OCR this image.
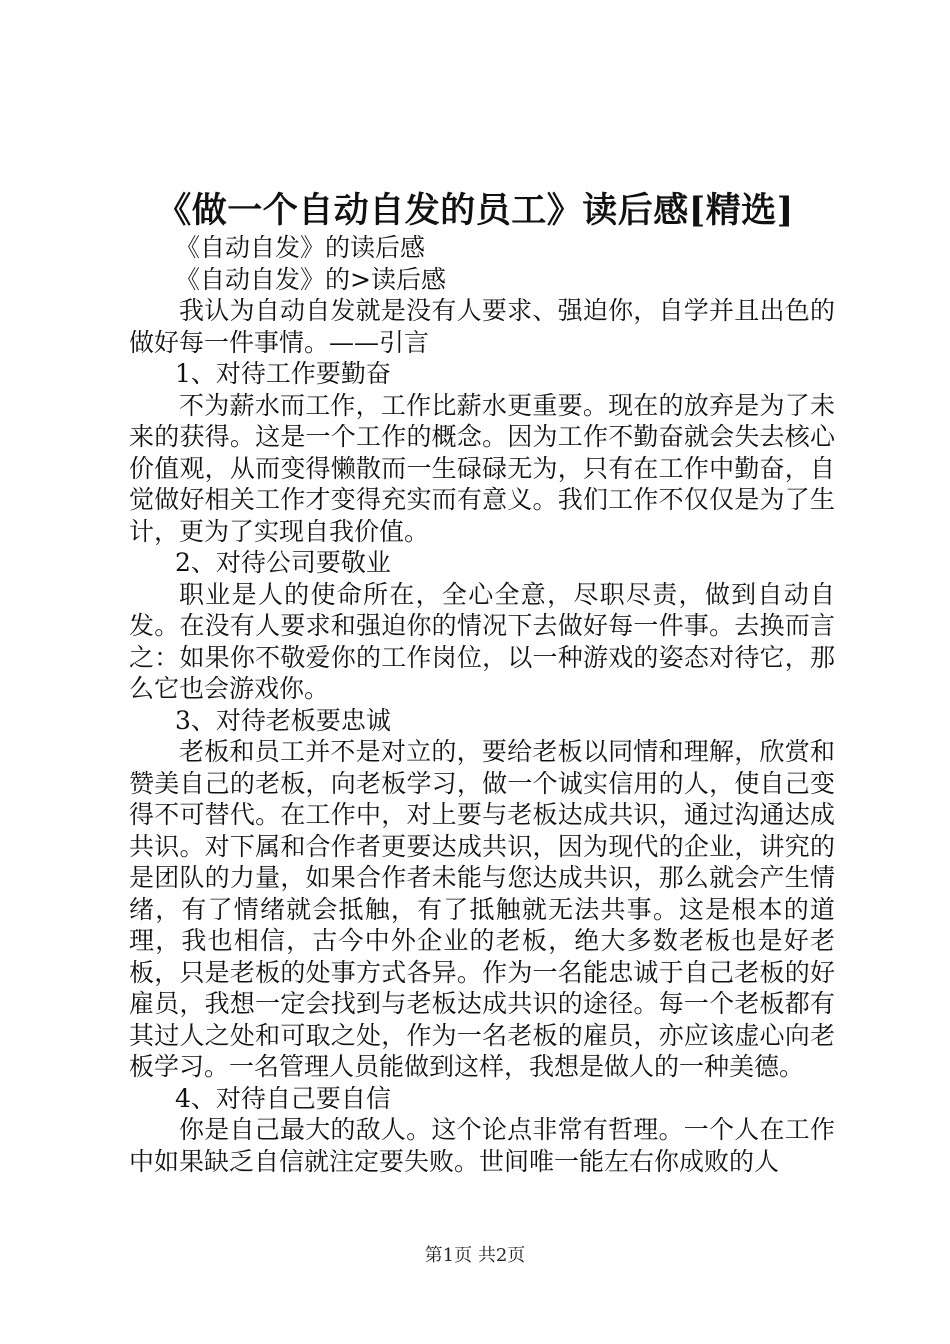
《做一个自动自发的员工》读后感[精选]

《自动自发》的读后感

《自动自发》的>读后感

我认为自动自发就是没有人要求、强迫你，自学并且出色的做好每一件事情。——引言

1、对待工作要勤奋

不为薪水而工作，工作比薪水更重要。现在的放弃是为了未来的获得。这是一个工作的概念。因为工作不勤奋就会失去核心价值观，从而变得懒散而一生碌碌无为，只有在工作中勤奋，自觉做好相关工作才变得充实而有意义。我们工作不仅仅是为了生计，更为了实现自我价值。

2、对待公司要敬业

职业是人的使命所在，全心全意，尽职尽责，做到自动自发。在没有人要求和强迫你的情况下去做好每一件事。去换而言之：如果你不敬爱你的工作岗位，以一种游戏的姿态对待它，那么它也会游戏你。

3、对待老板要忠诚

老板和员工并不是对立的，要给老板以同情和理解，欣赏和赞美自己的老板，向老板学习，做一个诚实信用的人，使自己变得不可替代。在工作中，对上要与老板达成共识，通过沟通达成共识。对下属和合作者更要达成共识，因为现代的企业，讲究的是团队的力量，如果合作者未能与您达成共识，那么就会产生情绪，有了情绪就会抵触，有了抵触就无法共事。这是根本的道理，我也相信，古今中外企业的老板，绝大多数老板也是好老板，只是老板的处事方式各异。作为一名能忠诚于自己老板的好雇员，我想一定会找到与老板达成共识的途径。每一个老板都有其过人之处和可取之处，作为一名老板的雇员，亦应该虚心向老板学习。一名管理人员能做到这样，我想是做人的一种美德。

4、对待自己要自信

你是自己最大的敌人。这个论点非常有哲理。一个人在工作中如果缺乏自信就注定要失败。世间唯一能左右你成败的人

第1页 共2页
